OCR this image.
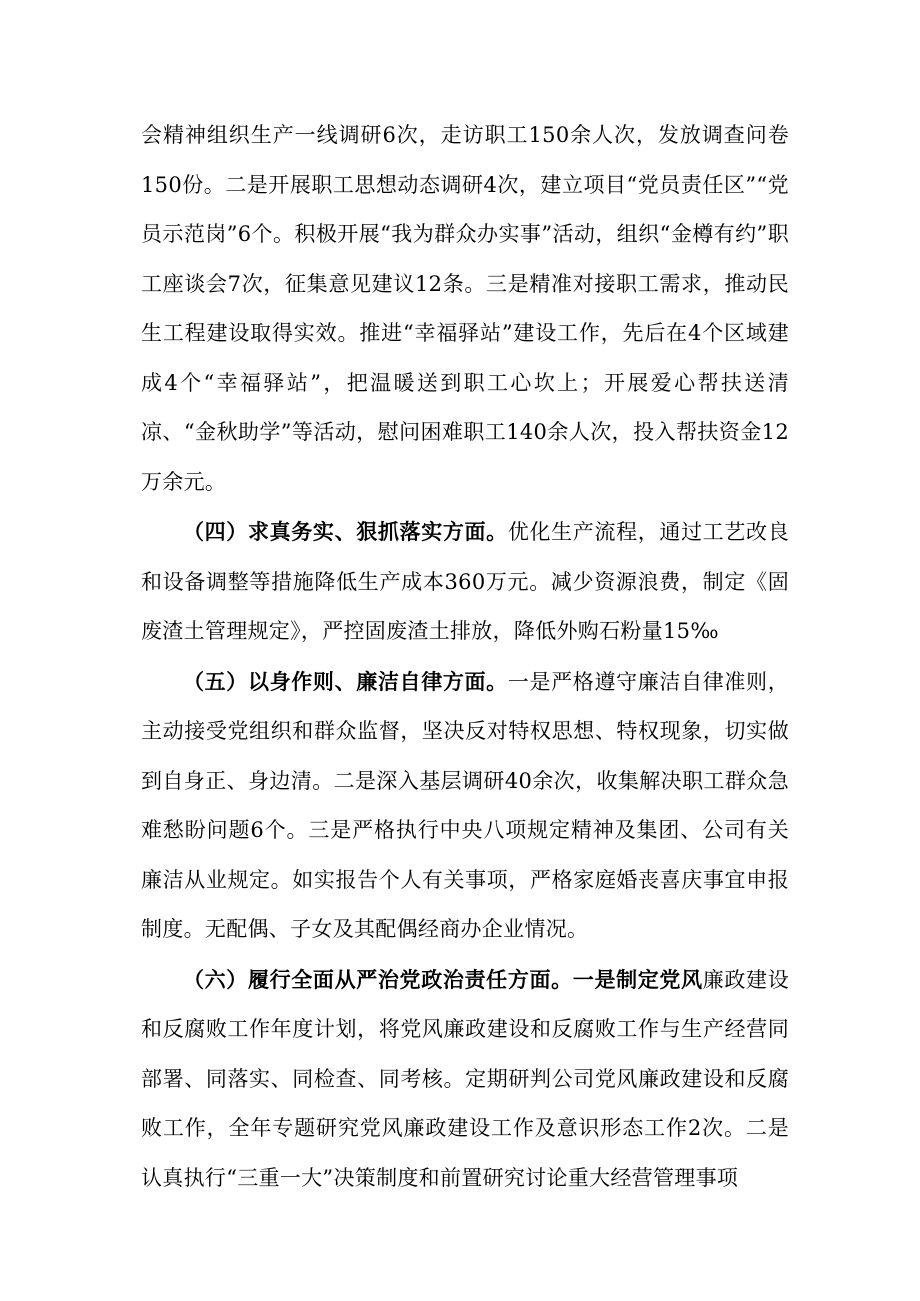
会精神组织生产一线调研6次，走访职工150余人次，发放调查问卷150份。二是开展职工思想动态调研4次，建立项目“党员责任区”“党员示范岗”6个。积极开展“我为群众办实事”活动，组织“金樽有约”职工座谈会7次，征集意见建议12条。三是精准对接职工需求，推动民生工程建设取得实效。推进“幸福驿站”建设工作，先后在4个区域建成4个“幸福驿站”，把温暖送到职工心坎上；开展爱心帮扶送清凉、“金秋助学”等活动，慰问困难职工140余人次，投入帮扶资金12万余元。

（四）求真务实、狠抓落实方面。优化生产流程，通过工艺改良和设备调整等措施降低生产成本360万元。减少资源浪费，制定《固废渣土管理规定》，严控固废渣土排放，降低外购石粉量15‰

（五）以身作则、廉洁自律方面。一是严格遵守廉洁自律准则，主动接受党组织和群众监督，坚决反对特权思想、特权现象，切实做到自身正、身边清。二是深入基层调研40余次，收集解决职工群众急难愁盼问题6个。三是严格执行中央八项规定精神及集团、公司有关廉洁从业规定。如实报告个人有关事项，严格家庭婚丧喜庆事宜申报制度。无配偶、子女及其配偶经商办企业情况。

（六）履行全面从严治党政治责任方面。一是制定党风廉政建设和反腐败工作年度计划，将党风廉政建设和反腐败工作与生产经营同部署、同落实、同检查、同考核。定期研判公司党风廉政建设和反腐败工作，全年专题研究党风廉政建设工作及意识形态工作2次。二是认真执行“三重一大”决策制度和前置研究讨论重大经营管理事项
